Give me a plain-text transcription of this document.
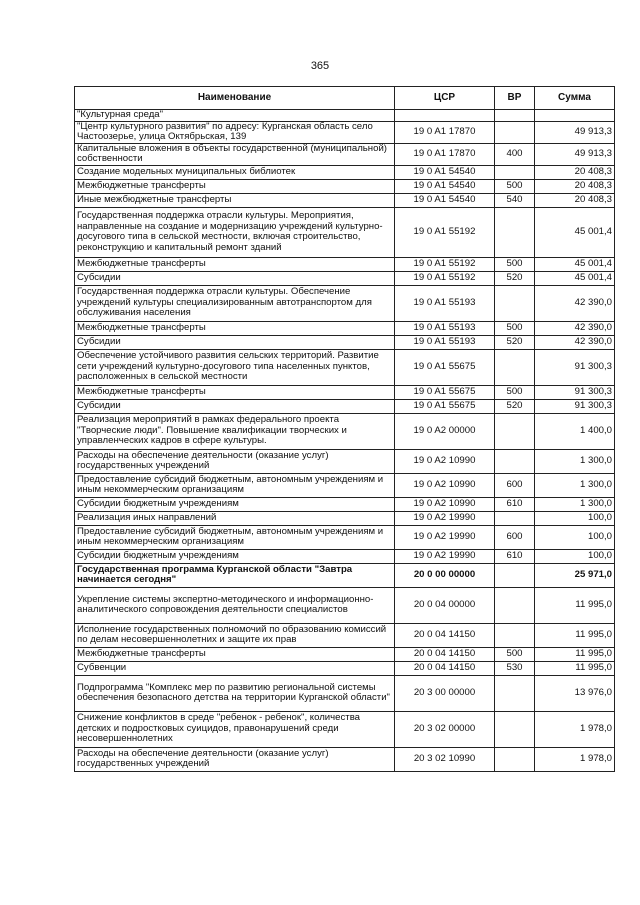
365
Наименование	ЦСР	ВР	Сумма
"Культурная среда"			
"Центр культурного развития" по адресу: Курганская область село Частоозерье, улица Октябрьская, 139	19 0 A1 17870		49 913,3
Капитальные вложения в объекты государственной (муниципальной) собственности	19 0 A1 17870	400	49 913,3
Создание модельных муниципальных библиотек	19 0 A1 54540		20 408,3
Межбюджетные трансферты	19 0 A1 54540	500	20 408,3
Иные межбюджетные трансферты	19 0 A1 54540	540	20 408,3
Государственная поддержка отрасли культуры. Мероприятия, направленные на создание и модернизацию учреждений культурно-досугового типа в сельской местности, включая строительство, реконструкцию и капитальный ремонт зданий	19 0 A1 55192		45 001,4
Межбюджетные трансферты	19 0 A1 55192	500	45 001,4
Субсидии	19 0 A1 55192	520	45 001,4
Государственная поддержка отрасли культуры. Обеспечение учреждений культуры специализированным автотранспортом для обслуживания населения	19 0 A1 55193		42 390,0
Межбюджетные трансферты	19 0 A1 55193	500	42 390,0
Субсидии	19 0 A1 55193	520	42 390,0
Обеспечение устойчивого развития сельских территорий. Развитие сети учреждений культурно-досугового типа населенных пунктов, расположенных в сельской местности	19 0 A1 55675		91 300,3
Межбюджетные трансферты	19 0 A1 55675	500	91 300,3
Субсидии	19 0 A1 55675	520	91 300,3
Реализация мероприятий в рамках федерального проекта "Творческие люди". Повышение квалификации творческих и управленческих кадров в сфере культуры.	19 0 A2 00000		1 400,0
Расходы на обеспечение деятельности (оказание услуг) государственных учреждений	19 0 A2 10990		1 300,0
Предоставление субсидий бюджетным, автономным учреждениям и иным некоммерческим организациям	19 0 A2 10990	600	1 300,0
Субсидии бюджетным учреждениям	19 0 A2 10990	610	1 300,0
Реализация иных направлений	19 0 A2 19990		100,0
Предоставление субсидий бюджетным, автономным учреждениям и иным некоммерческим организациям	19 0 A2 19990	600	100,0
Субсидии бюджетным учреждениям	19 0 A2 19990	610	100,0
Государственная программа Курганской области "Завтра начинается сегодня"	20 0 00 00000		25 971,0
Укрепление системы экспертно-методического и информационно-аналитического сопровождения деятельности специалистов	20 0 04 00000		11 995,0
Исполнение государственных полномочий по образованию комиссий по делам несовершеннолетних и защите их прав	20 0 04 14150		11 995,0
Межбюджетные трансферты	20 0 04 14150	500	11 995,0
Субвенции	20 0 04 14150	530	11 995,0
Подпрограмма "Комплекс мер по развитию региональной системы обеспечения безопасного детства на территории Курганской области"	20 3 00 00000		13 976,0
Снижение конфликтов в среде "ребенок - ребенок", количества детских и подростковых суицидов, правонарушений среди несовершеннолетних	20 3 02 00000		1 978,0
Расходы на обеспечение деятельности (оказание услуг) государственных учреждений	20 3 02 10990		1 978,0
